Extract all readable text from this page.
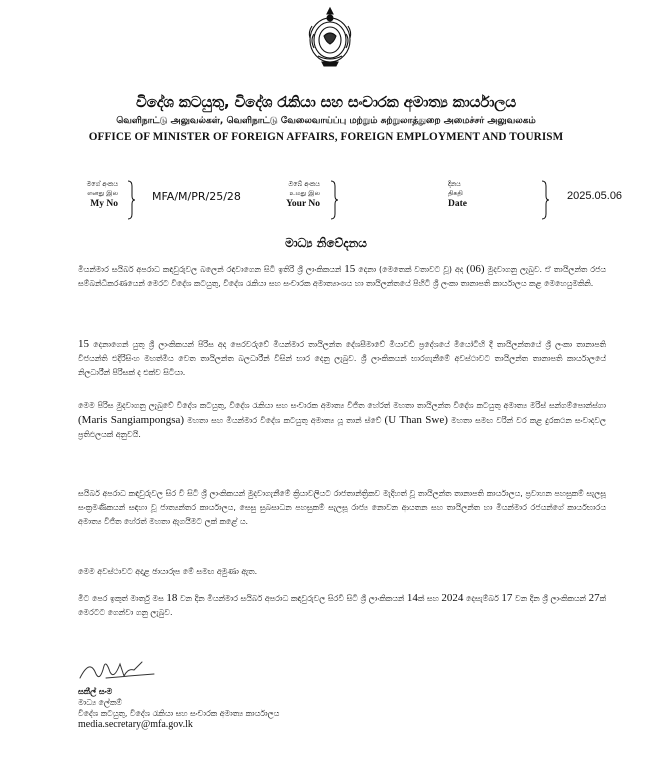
විදේශ කටයුතු, විදේශ රැකියා සහ සංචාරක අමාත්‍ය කාර්යාලය
வெளிநாட்டு அலுவல்கள், வெளிநாட்டு வேலைவாய்ப்பு மற்றும் சுற்றுலாத்துறை அமைச்சர் அலுவலகம்
OFFICE OF MINISTER OF FOREIGN AFFAIRS, FOREIGN EMPLOYMENT AND TOURISM
මගේ අංකය
எனது இல
My No
MFA/M/PR/25/28
ඔබේ අංකය
உமது இல
Your No
දිනය
திகதி
Date
2025.05.06
මාධ්‍ය නිවේදනය
මියන්මාර සයිබර් අපරාධ කඳවුරුවල බලෙන් රඳවාගෙන සිටි ඉතිරි ශ්‍රී ලාංකිකයන් 15 දෙනා (මෙතෙක් වතාවට වූ) අද (06) මුදවාගනු ලැබුව. ඒ තායිලන්ත රජය සම්බන්ධීකරණයෙන් මෙරට විදේශ කටයුතු, විදේශ රැකියා සහ සංචාරක අමාත්‍යාංශය හා තායිලන්තයේ පිහිටි ශ්‍රී ලංකා තානාපති කාර්යාලය කළ මෙහෙයුමකිනි.
15 දෙනාගෙන් යුතු ශ්‍රී ලාංකිකයන් පිරිස අද පෙරවරුවේ මියන්මාර තායිලන්ත දේශසීමාවේ මියාවඩි ප්‍රදේශයේ මියෝටිහි දී තායිලන්තයේ ශ්‍රී ලංකා තානාපති විජයන්ති එදිරිසිංහ මහත්මිය වෙත තායිලන්ත බලධාරීන් විසින් භාර දෙනු ලැබුව. ශ්‍රී ලාංකිකයන් භාරගැනීමේ අවස්ථාවට තායිලන්ත තානාපති කාර්යාලයේ නිලධාරීන් පිරිසක් ද එක්ව සිටියා.
මෙම පිරිස මුදවාගනු ලැබුවේ විදේශ කටයුතු, විදේශ රැකියා සහ සංචාරක අමාත්‍ය විජිත හේරත් මහතා තායිලන්ත විදේශ කටයුතු අමාත්‍ය මරිස් සන්ගම්පොන්ස්ගා (Maris Sangiampongsa) මහතා සහ මියන්මාර විදේශ කටයුතු අමාත්‍ය යූ තාන් ස්වේ (U Than Swe) මහතා සමඟ වරින් වර කළ දුරකථන සංවාදවල ප්‍රතිඵලයක් අනුවයි.
සයිබර් අපරාධ කඳවුරුවල සිර වී සිටි ශ්‍රී ලාංකිකයන් මුදවාගැනීමේ ක්‍රියාවලියට රාජතාන්ත්‍රිකව මැදිහත් වූ තායිලන්ත තානාපති කාර්යාලය, ප්‍රවාහන පහසුකම් සැලසූ සංක්‍රමණිකයන් සඳහා වූ ජාත්‍යන්තර කාර්යාලය, සෙසු සුබසාධන පහසුකම් සැලසූ රාජ්‍ය නොවන ආයතන සහ තායිලන්ත හා මියන්මාර රජයන්ගේ කාර්යභාරය අමාත්‍ය විජිත හේරත් මහතා ඇගයීමට ලක් කළේ ය.
මෙම අවස්ථාවට අදාළ ඡායාරූප මේ සමඟ අමුණා ඇත.
මීට පෙර ඉකුත් මාර්තු මස 18 වන දින මියන්මාර සයිබර් අපරාධ කඳවුරුවල සිරවී සිටි ශ්‍රී ලාංකිකයන් 14ක් සහ 2024 දෙසැම්බර් 17 වන දින ශ්‍රී ලාංකිකයන් 27ක් මෙරටට ගෙන්වා ගනු ලැබුව.
සකීල් සංම
මාධ්‍ය ලේකම්
විදේශ කටයුතු, විදේශ රැකියා සහ සංචාරක අමාත්‍ය කාර්යාලය
media.secretary@mfa.gov.lk
